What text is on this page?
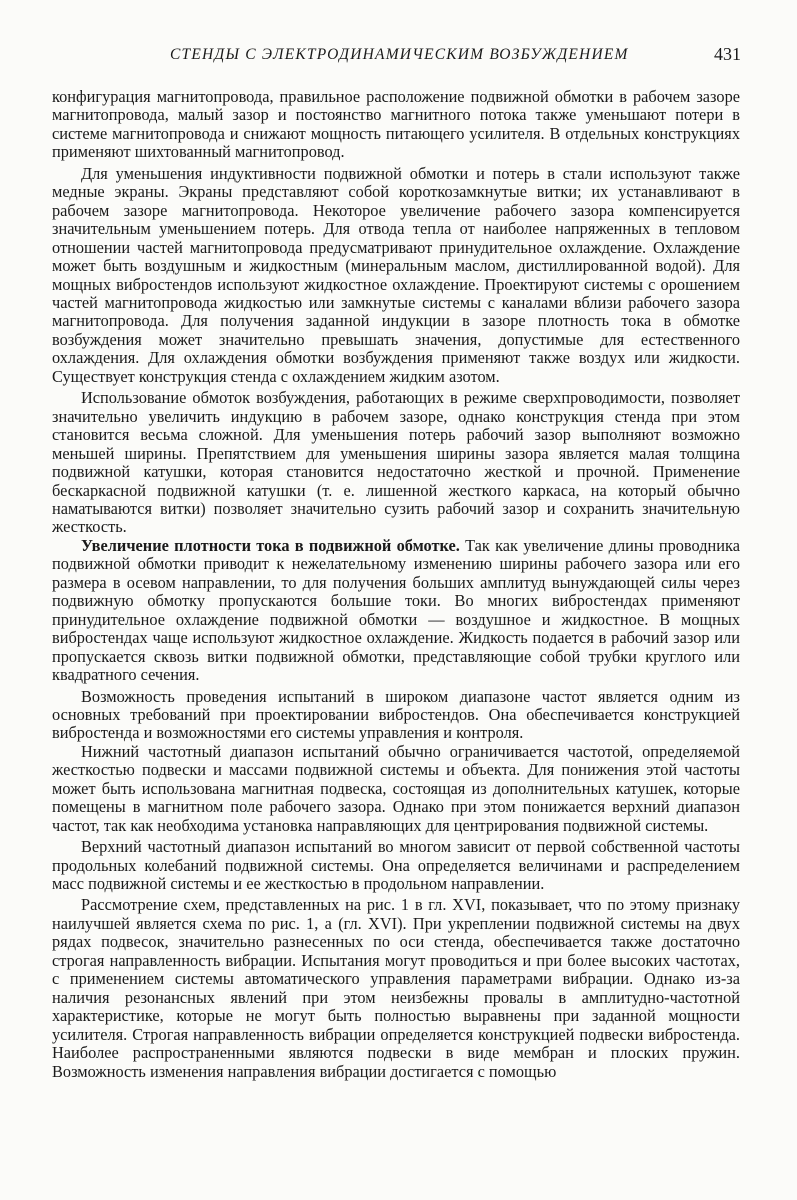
СТЕНДЫ С ЭЛЕКТРОДИНАМИЧЕСКИМ ВОЗБУЖДЕНИЕМ	431

конфигурация магнитопровода, правильное расположение подвижной обмотки в рабочем зазоре магнитопровода, малый зазор и постоянство магнитного потока также уменьшают потери в системе магнитопровода и снижают мощность питающего усилителя. В отдельных конструкциях применяют шихтованный магнитопровод.

Для уменьшения индуктивности подвижной обмотки и потерь в стали используют также медные экраны. Экраны представляют собой короткозамкнутые витки; их устанавливают в рабочем зазоре магнитопровода. Некоторое увеличение рабочего зазора компенсируется значительным уменьшением потерь. Для отвода тепла от наиболее напряженных в тепловом отношении частей магнитопровода предусматривают принудительное охлаждение. Охлаждение может быть воздушным и жидкостным (минеральным маслом, дистиллированной водой). Для мощных вибростендов используют жидкостное охлаждение. Проектируют системы с орошением частей магнитопровода жидкостью или замкнутые системы с каналами вблизи рабочего зазора магнитопровода. Для получения заданной индукции в зазоре плотность тока в обмотке возбуждения может значительно превышать значения, допустимые для естественного охлаждения. Для охлаждения обмотки возбуждения применяют также воздух или жидкости. Существует конструкция стенда с охлаждением жидким азотом.

Использование обмоток возбуждения, работающих в режиме сверхпроводимости, позволяет значительно увеличить индукцию в рабочем зазоре, однако конструкция стенда при этом становится весьма сложной. Для уменьшения потерь рабочий зазор выполняют возможно меньшей ширины. Препятствием для уменьшения ширины зазора является малая толщина подвижной катушки, которая становится недостаточно жесткой и прочной. Применение бескаркасной подвижной катушки (т. е. лишенной жесткого каркаса, на который обычно наматываются витки) позволяет значительно сузить рабочий зазор и сохранить значительную жесткость.

Увеличение плотности тока в подвижной обмотке. Так как увеличение длины проводника подвижной обмотки приводит к нежелательному изменению ширины рабочего зазора или его размера в осевом направлении, то для получения больших амплитуд вынуждающей силы через подвижную обмотку пропускаются большие токи. Во многих вибростендах применяют принудительное охлаждение подвижной обмотки — воздушное и жидкостное. В мощных вибростендах чаще используют жидкостное охлаждение. Жидкость подается в рабочий зазор или пропускается сквозь витки подвижной обмотки, представляющие собой трубки круглого или квадратного сечения.

Возможность проведения испытаний в широком диапазоне частот является одним из основных требований при проектировании вибростендов. Она обеспечивается конструкцией вибростенда и возможностями его системы управления и контроля.

Нижний частотный диапазон испытаний обычно ограничивается частотой, определяемой жесткостью подвески и массами подвижной системы и объекта. Для понижения этой частоты может быть использована магнитная подвеска, состоящая из дополнительных катушек, которые помещены в магнитном поле рабочего зазора. Однако при этом понижается верхний диапазон частот, так как необходима установка направляющих для центрирования подвижной системы.

Верхний частотный диапазон испытаний во многом зависит от первой собственной частоты продольных колебаний подвижной системы. Она определяется величинами и распределением масс подвижной системы и ее жесткостью в продольном направлении.

Рассмотрение схем, представленных на рис. 1 в гл. XVI, показывает, что по этому признаку наилучшей является схема по рис. 1, а (гл. XVI). При укреплении подвижной системы на двух рядах подвесок, значительно разнесенных по оси стенда, обеспечивается также достаточно строгая направленность вибрации. Испытания могут проводиться и при более высоких частотах, с применением системы автоматического управления параметрами вибрации. Однако из-за наличия резонансных явлений при этом неизбежны провалы в амплитудно-частотной характеристике, которые не могут быть полностью выравнены при заданной мощности усилителя. Строгая направленность вибрации определяется конструкцией подвески вибростенда. Наиболее распространенными являются подвески в виде мембран и плоских пружин. Возможность изменения направления вибрации достигается с помощью
